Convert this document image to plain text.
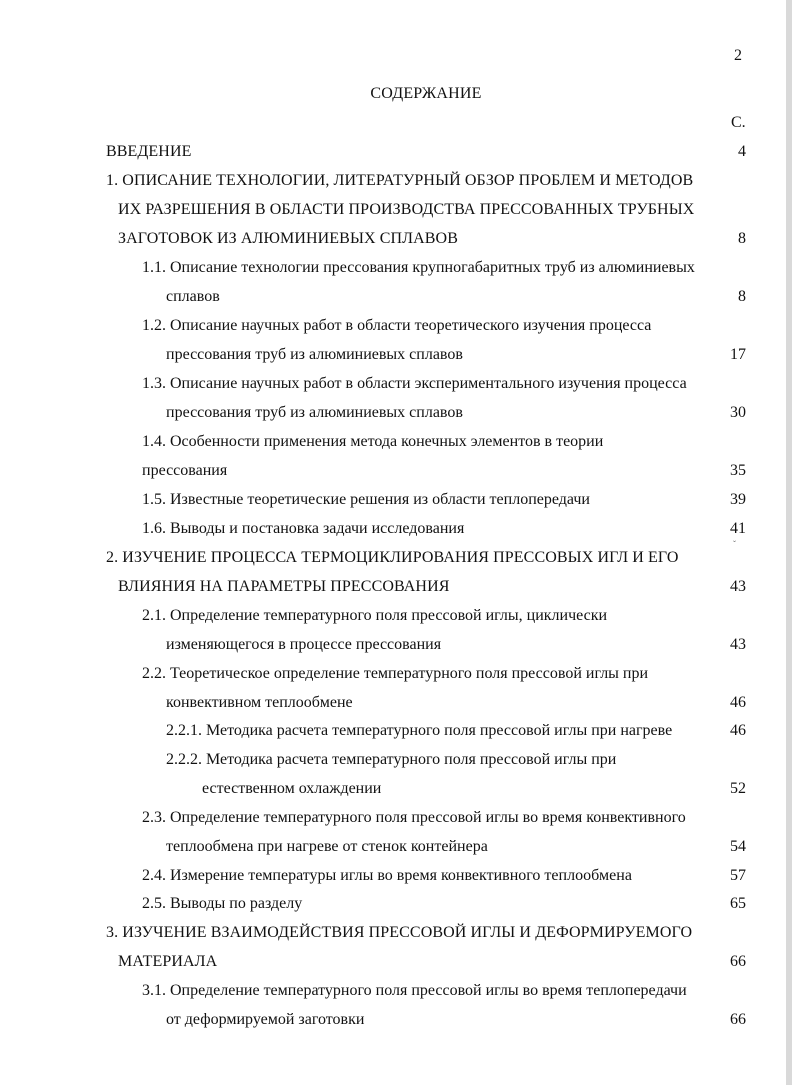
2
СОДЕРЖАНИЕ
С.
ВВЕДЕНИЕ	4
1. ОПИСАНИЕ ТЕХНОЛОГИИ, ЛИТЕРАТУРНЫЙ ОБЗОР ПРОБЛЕМ И МЕТОДОВ
ИХ РАЗРЕШЕНИЯ В ОБЛАСТИ ПРОИЗВОДСТВА ПРЕССОВАННЫХ ТРУБНЫХ
ЗАГОТОВОК ИЗ АЛЮМИНИЕВЫХ СПЛАВОВ	8
1.1. Описание технологии прессования крупногабаритных труб из алюминиевых
сплавов	8
1.2. Описание научных работ в области теоретического изучения процесса
прессования труб из алюминиевых сплавов	17
1.3. Описание научных работ в области экспериментального изучения процесса
прессования труб из алюминиевых сплавов	30
1.4. Особенности применения метода конечных элементов в теории
прессования	35
1.5. Известные теоретические решения из области теплопередачи	39
1.6. Выводы и постановка задачи исследования	41
ˇ
2. ИЗУЧЕНИЕ ПРОЦЕССА ТЕРМОЦИКЛИРОВАНИЯ ПРЕССОВЫХ ИГЛ И ЕГО
ВЛИЯНИЯ НА ПАРАМЕТРЫ ПРЕССОВАНИЯ	43
2.1. Определение температурного поля прессовой иглы, циклически
изменяющегося в процессе прессования	43
2.2. Теоретическое определение температурного поля прессовой иглы при
конвективном теплообмене	46
2.2.1. Методика расчета температурного поля прессовой иглы при нагреве	46
2.2.2. Методика расчета температурного поля прессовой иглы при
естественном охлаждении	52
2.3. Определение температурного поля прессовой иглы во время конвективного
теплообмена при нагреве от стенок контейнера	54
2.4. Измерение температуры иглы во время конвективного теплообмена	57
2.5. Выводы по разделу	65
3. ИЗУЧЕНИЕ ВЗАИМОДЕЙСТВИЯ ПРЕССОВОЙ ИГЛЫ И ДЕФОРМИРУЕМОГО
МАТЕРИАЛА	66
3.1. Определение температурного поля прессовой иглы во время теплопередачи
от деформируемой заготовки	66
